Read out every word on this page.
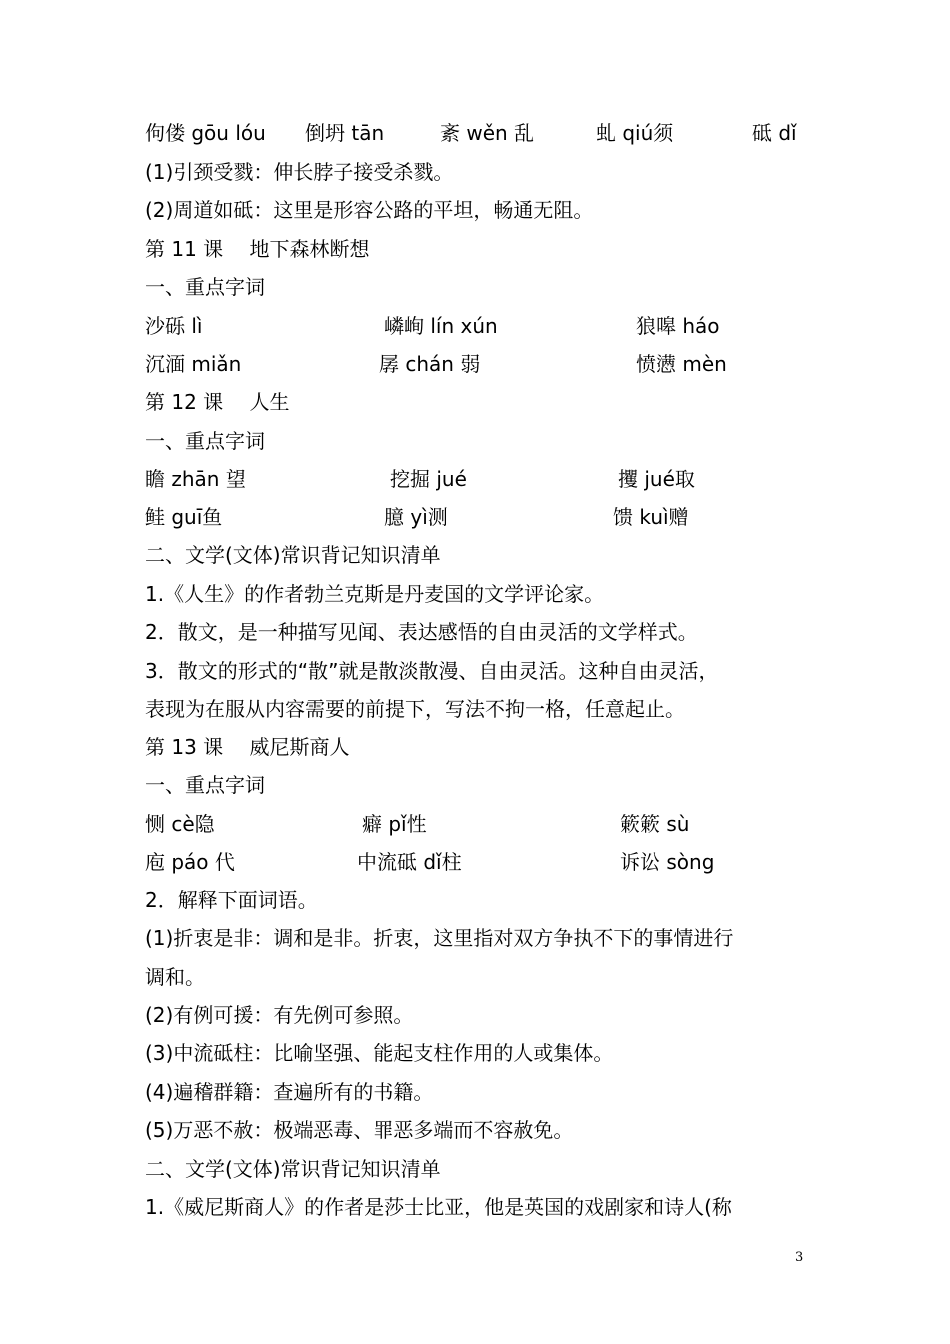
佝偻 gōu lóu 倒坍 tān	紊 wěn 乱	虬 qiú须	砥 dǐ
(1)引颈受戮：伸长脖子接受杀戮。
(2)周道如砥：这里是形容公路的平坦，畅通无阻。
第 11 课　 地下森林断想
一、重点字词
沙砾 lì	嶙峋 lín xún	狼嗥 háo
沉湎 miǎn	孱 chán 弱	愤懑 mèn
第 12 课　 人生
一、重点字词
瞻 zhān 望	挖掘 jué	攫 jué取
鲑 guī鱼	臆 yì测	馈 kuì赠
二、文学(文体)常识背记知识清单
1.《人生》的作者勃兰克斯是丹麦国的文学评论家。
2．散文，是一种描写见闻、表达感悟的自由灵活的文学样式。
3．散文的形式的“散”就是散淡散漫、自由灵活。这种自由灵活，
表现为在服从内容需要的前提下，写法不拘一格，任意起止。
第 13 课　 威尼斯商人
一、重点字词
恻 cè隐	癖 pǐ性	簌簌 sù
庖 páo 代	中流砥 dǐ柱	诉讼 sòng
2．解释下面词语。
(1)折衷是非：调和是非。折衷，这里指对双方争执不下的事情进行
调和。
(2)有例可援：有先例可参照。
(3)中流砥柱：比喻坚强、能起支柱作用的人或集体。
(4)遍稽群籍：查遍所有的书籍。
(5)万恶不赦：极端恶毒、罪恶多端而不容赦免。
二、文学(文体)常识背记知识清单
1.《威尼斯商人》的作者是莎士比亚，他是英国的戏剧家和诗人(称
3
